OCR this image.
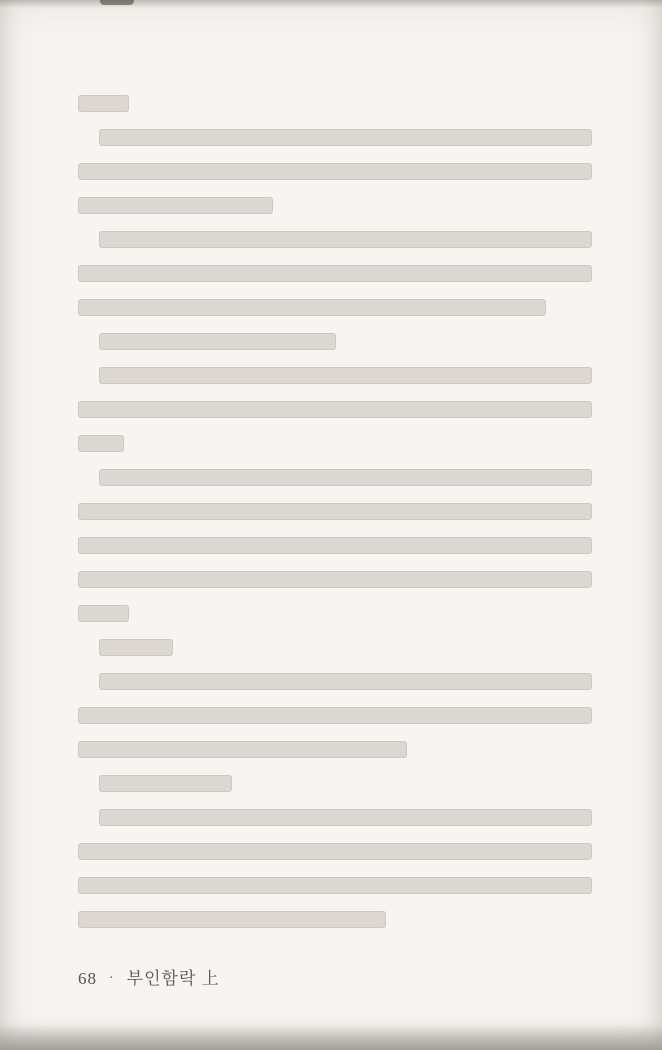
68 · 부인함락 上
